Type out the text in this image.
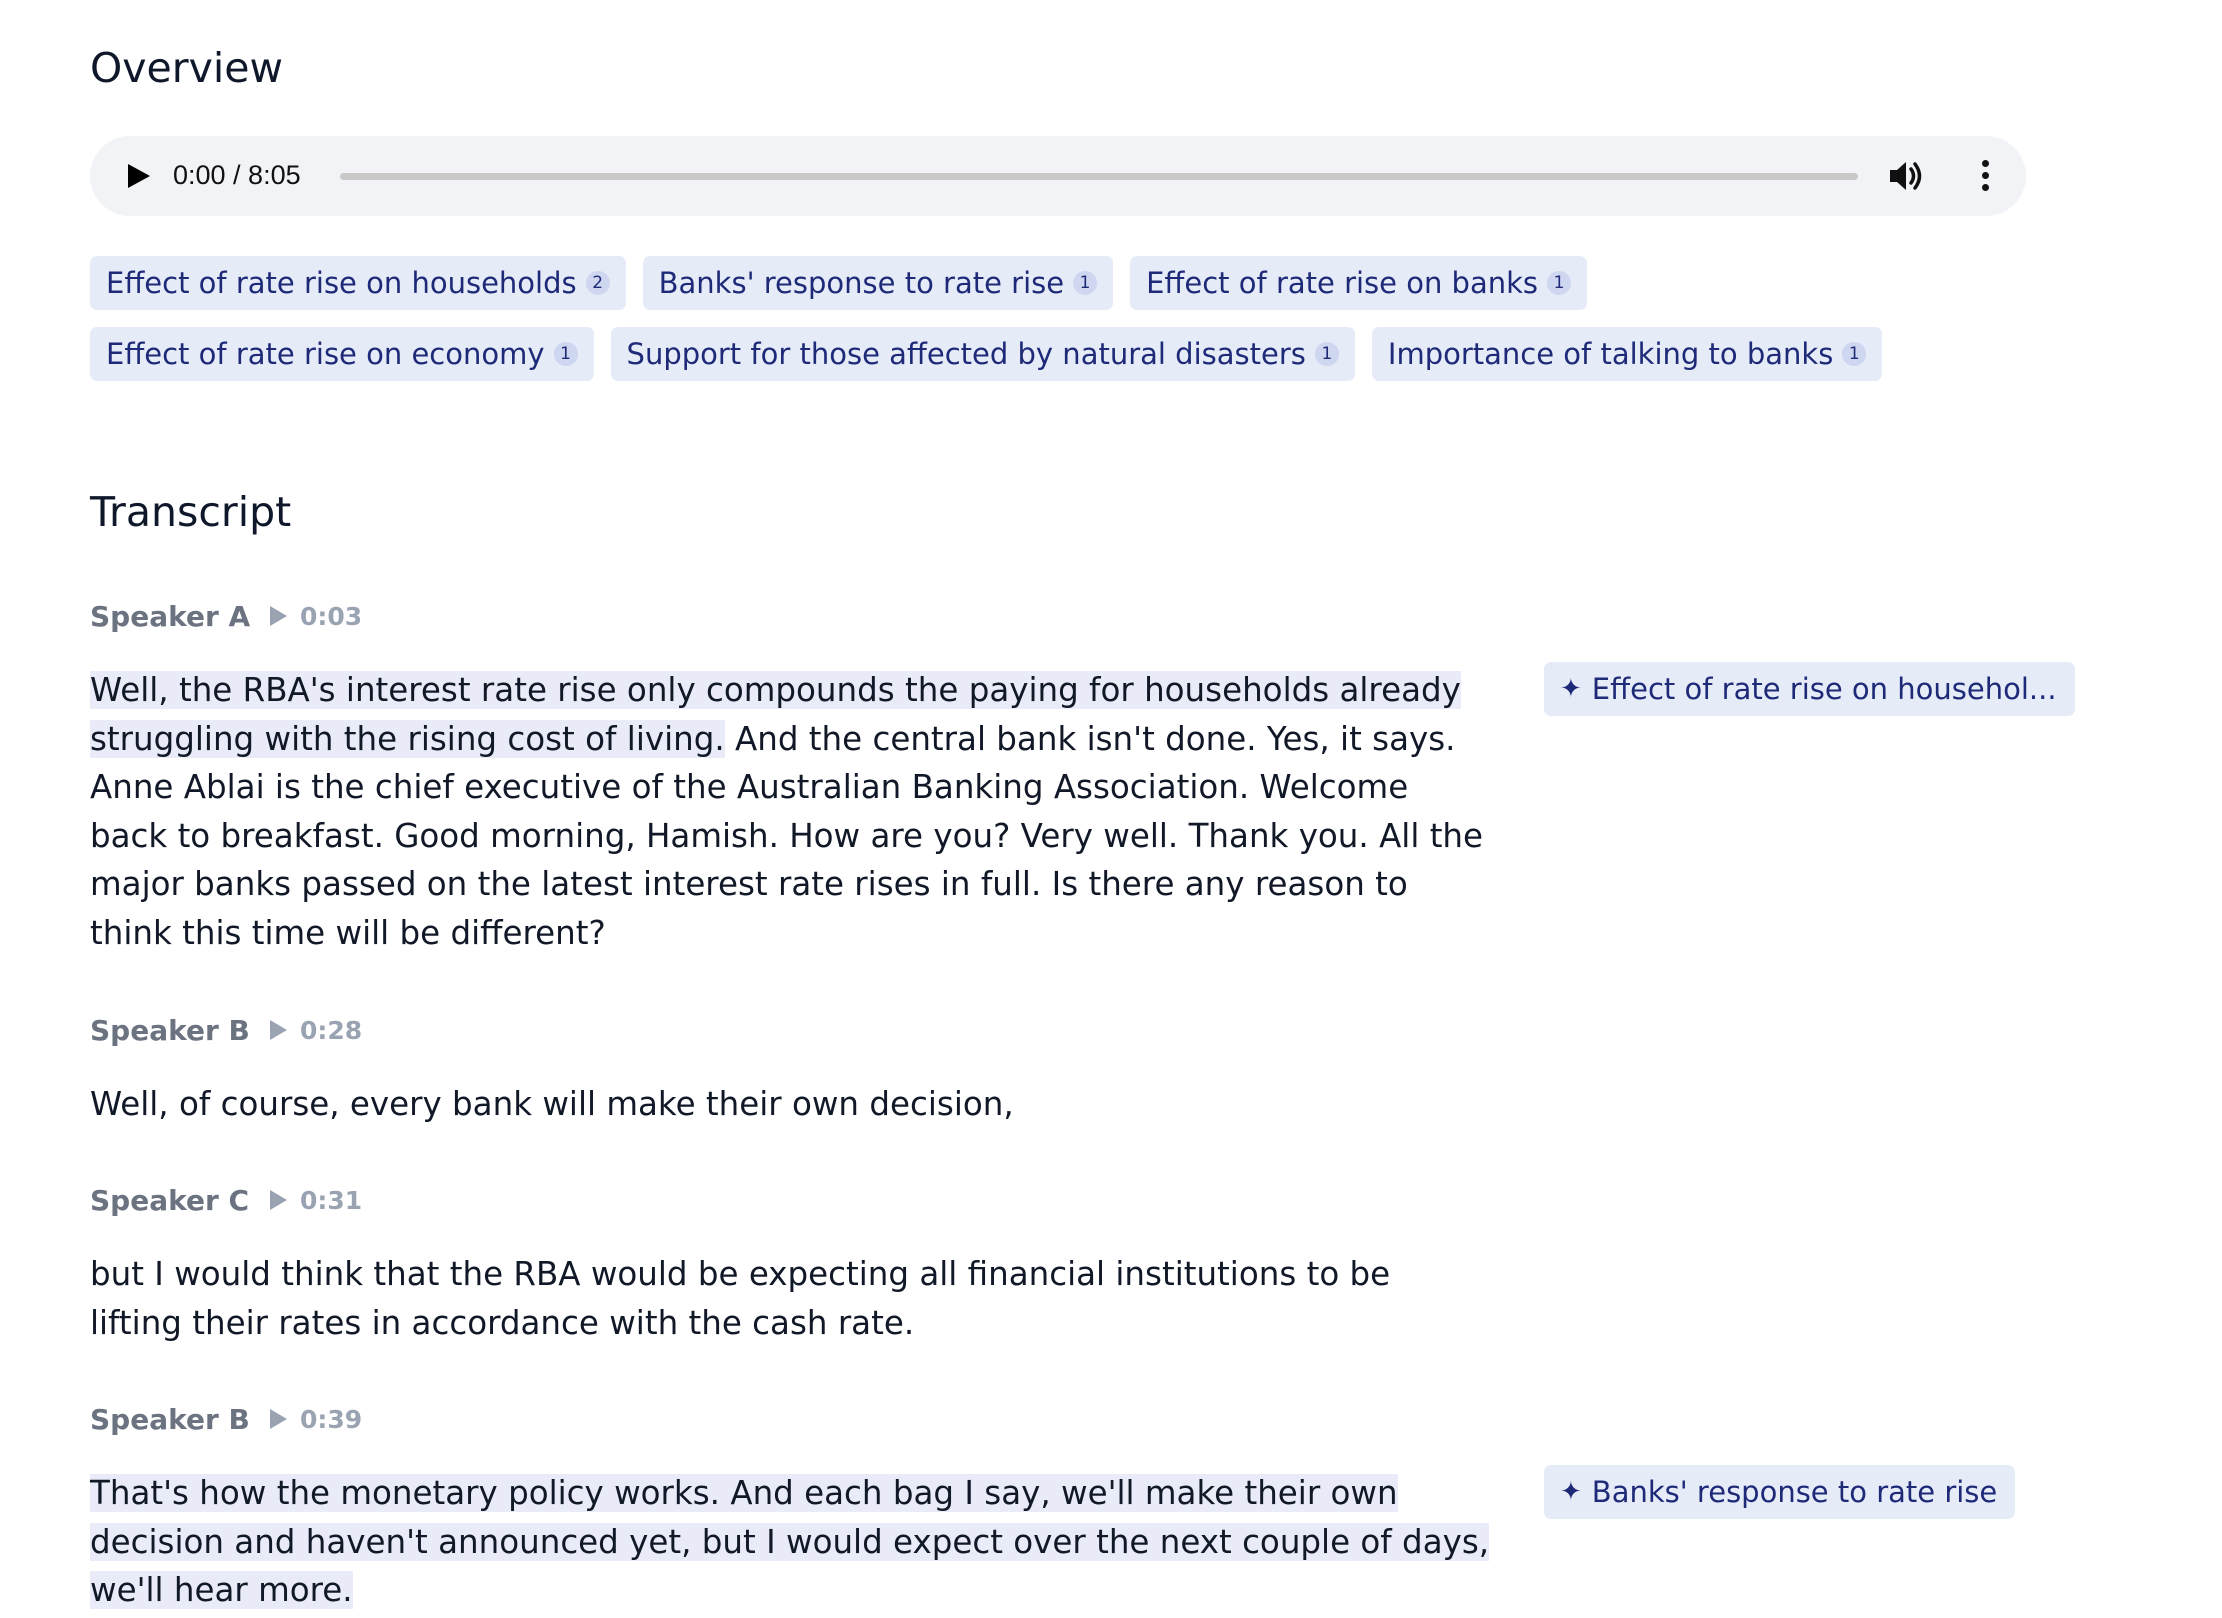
Overview
0:00 / 8:05
Effect of rate rise on households 2 Banks' response to rate rise 1 Effect of rate rise on banks 1
Effect of rate rise on economy 1 Support for those affected by natural disasters 1 Importance of talking to banks 1
Transcript
Speaker A	0:03
Well, the RBA's interest rate rise only compounds the paying for households already struggling with the rising cost of living. And the central bank isn't done. Yes, it says. Anne Ablai is the chief executive of the Australian Banking Association. Welcome back to breakfast. Good morning, Hamish. How are you? Very well. Thank you. All the major banks passed on the latest interest rate rises in full. Is there any reason to think this time will be different?
✦ Effect of rate rise on househol...
Speaker B	0:28
Well, of course, every bank will make their own decision,
Speaker C	0:31
but I would think that the RBA would be expecting all financial institutions to be lifting their rates in accordance with the cash rate.
Speaker B	0:39
That's how the monetary policy works. And each bag I say, we'll make their own decision and haven't announced yet, but I would expect over the next couple of days, we'll hear more.
✦ Banks' response to rate rise
